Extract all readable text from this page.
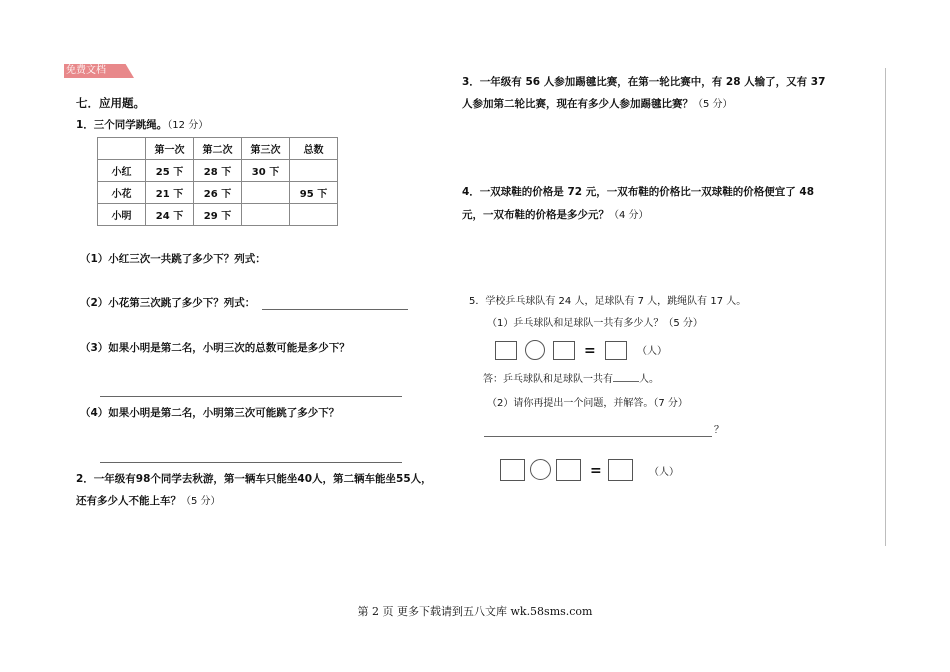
免费文档
七．应用题。
1．三个同学跳绳。（12 分）
	第一次	第二次	第三次	总数
小红	25 下	28 下	30 下	
小花	21 下	26 下		95 下
小明	24 下	29 下		
（1）小红三次一共跳了多少下？列式：
（2）小花第三次跳了多少下？列式：
（3）如果小明是第二名，小明三次的总数可能是多少下？
（4）如果小明是第二名，小明第三次可能跳了多少下？
2．一年级有98个同学去秋游，第一辆车只能坐40人，第二辆车能坐55人，
还有多少人不能上车？（5 分）
3．一年级有 56 人参加踢毽比赛，在第一轮比赛中，有 28 人输了，又有 37
人参加第二轮比赛，现在有多少人参加踢毽比赛？（5 分）
4．一双球鞋的价格是 72 元，一双布鞋的价格比一双球鞋的价格便宜了 48
元，一双布鞋的价格是多少元？（4 分）
5．学校乒乓球队有 24 人，足球队有 7 人，跳绳队有 17 人。
（1）乒乓球队和足球队一共有多少人？（5 分）
=	（人）
答：乒乓球队和足球队一共有	人。
（2）请你再提出一个问题，并解答。（7 分）
？
=	（人）
第 2 页 更多下载请到五八文库 wk.58sms.com
